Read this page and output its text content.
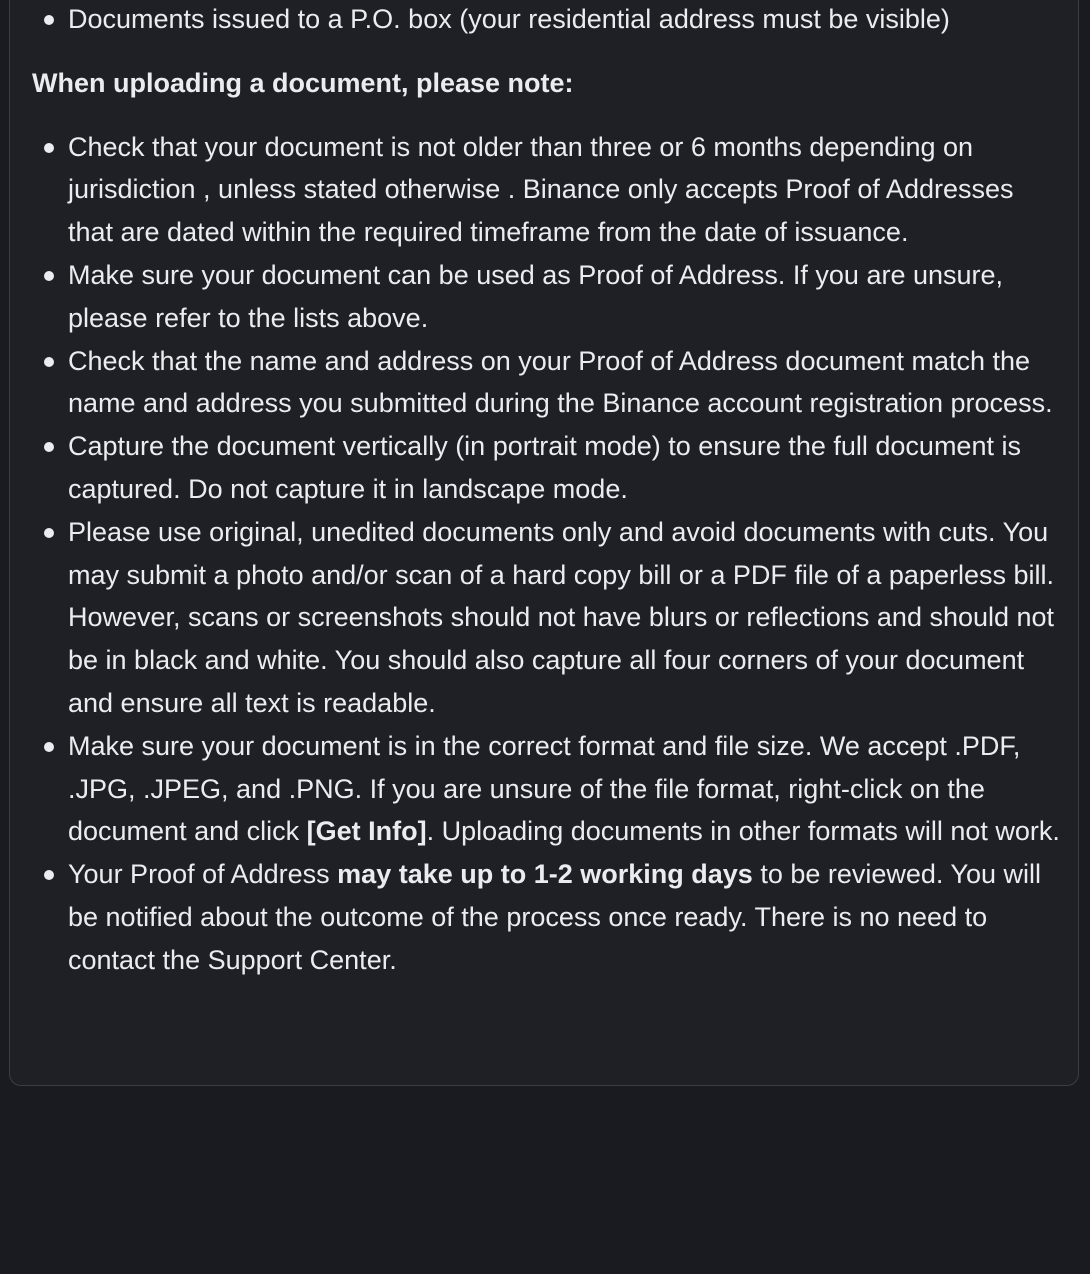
Documents issued to a P.O. box (your residential address must be visible)
When uploading a document, please note:
Check that your document is not older than three or 6 months depending on jurisdiction , unless stated otherwise . Binance only accepts Proof of Addresses that are dated within the required timeframe from the date of issuance.
Make sure your document can be used as Proof of Address. If you are unsure, please refer to the lists above.
Check that the name and address on your Proof of Address document match the name and address you submitted during the Binance account registration process.
Capture the document vertically (in portrait mode) to ensure the full document is captured. Do not capture it in landscape mode.
Please use original, unedited documents only and avoid documents with cuts. You may submit a photo and/or scan of a hard copy bill or a PDF file of a paperless bill. However, scans or screenshots should not have blurs or reflections and should not be in black and white. You should also capture all four corners of your document and ensure all text is readable.
Make sure your document is in the correct format and file size. We accept .PDF, .JPG, .JPEG, and .PNG. If you are unsure of the file format, right-click on the document and click [Get Info]. Uploading documents in other formats will not work.
Your Proof of Address may take up to 1-2 working days to be reviewed. You will be notified about the outcome of the process once ready. There is no need to contact the Support Center.
